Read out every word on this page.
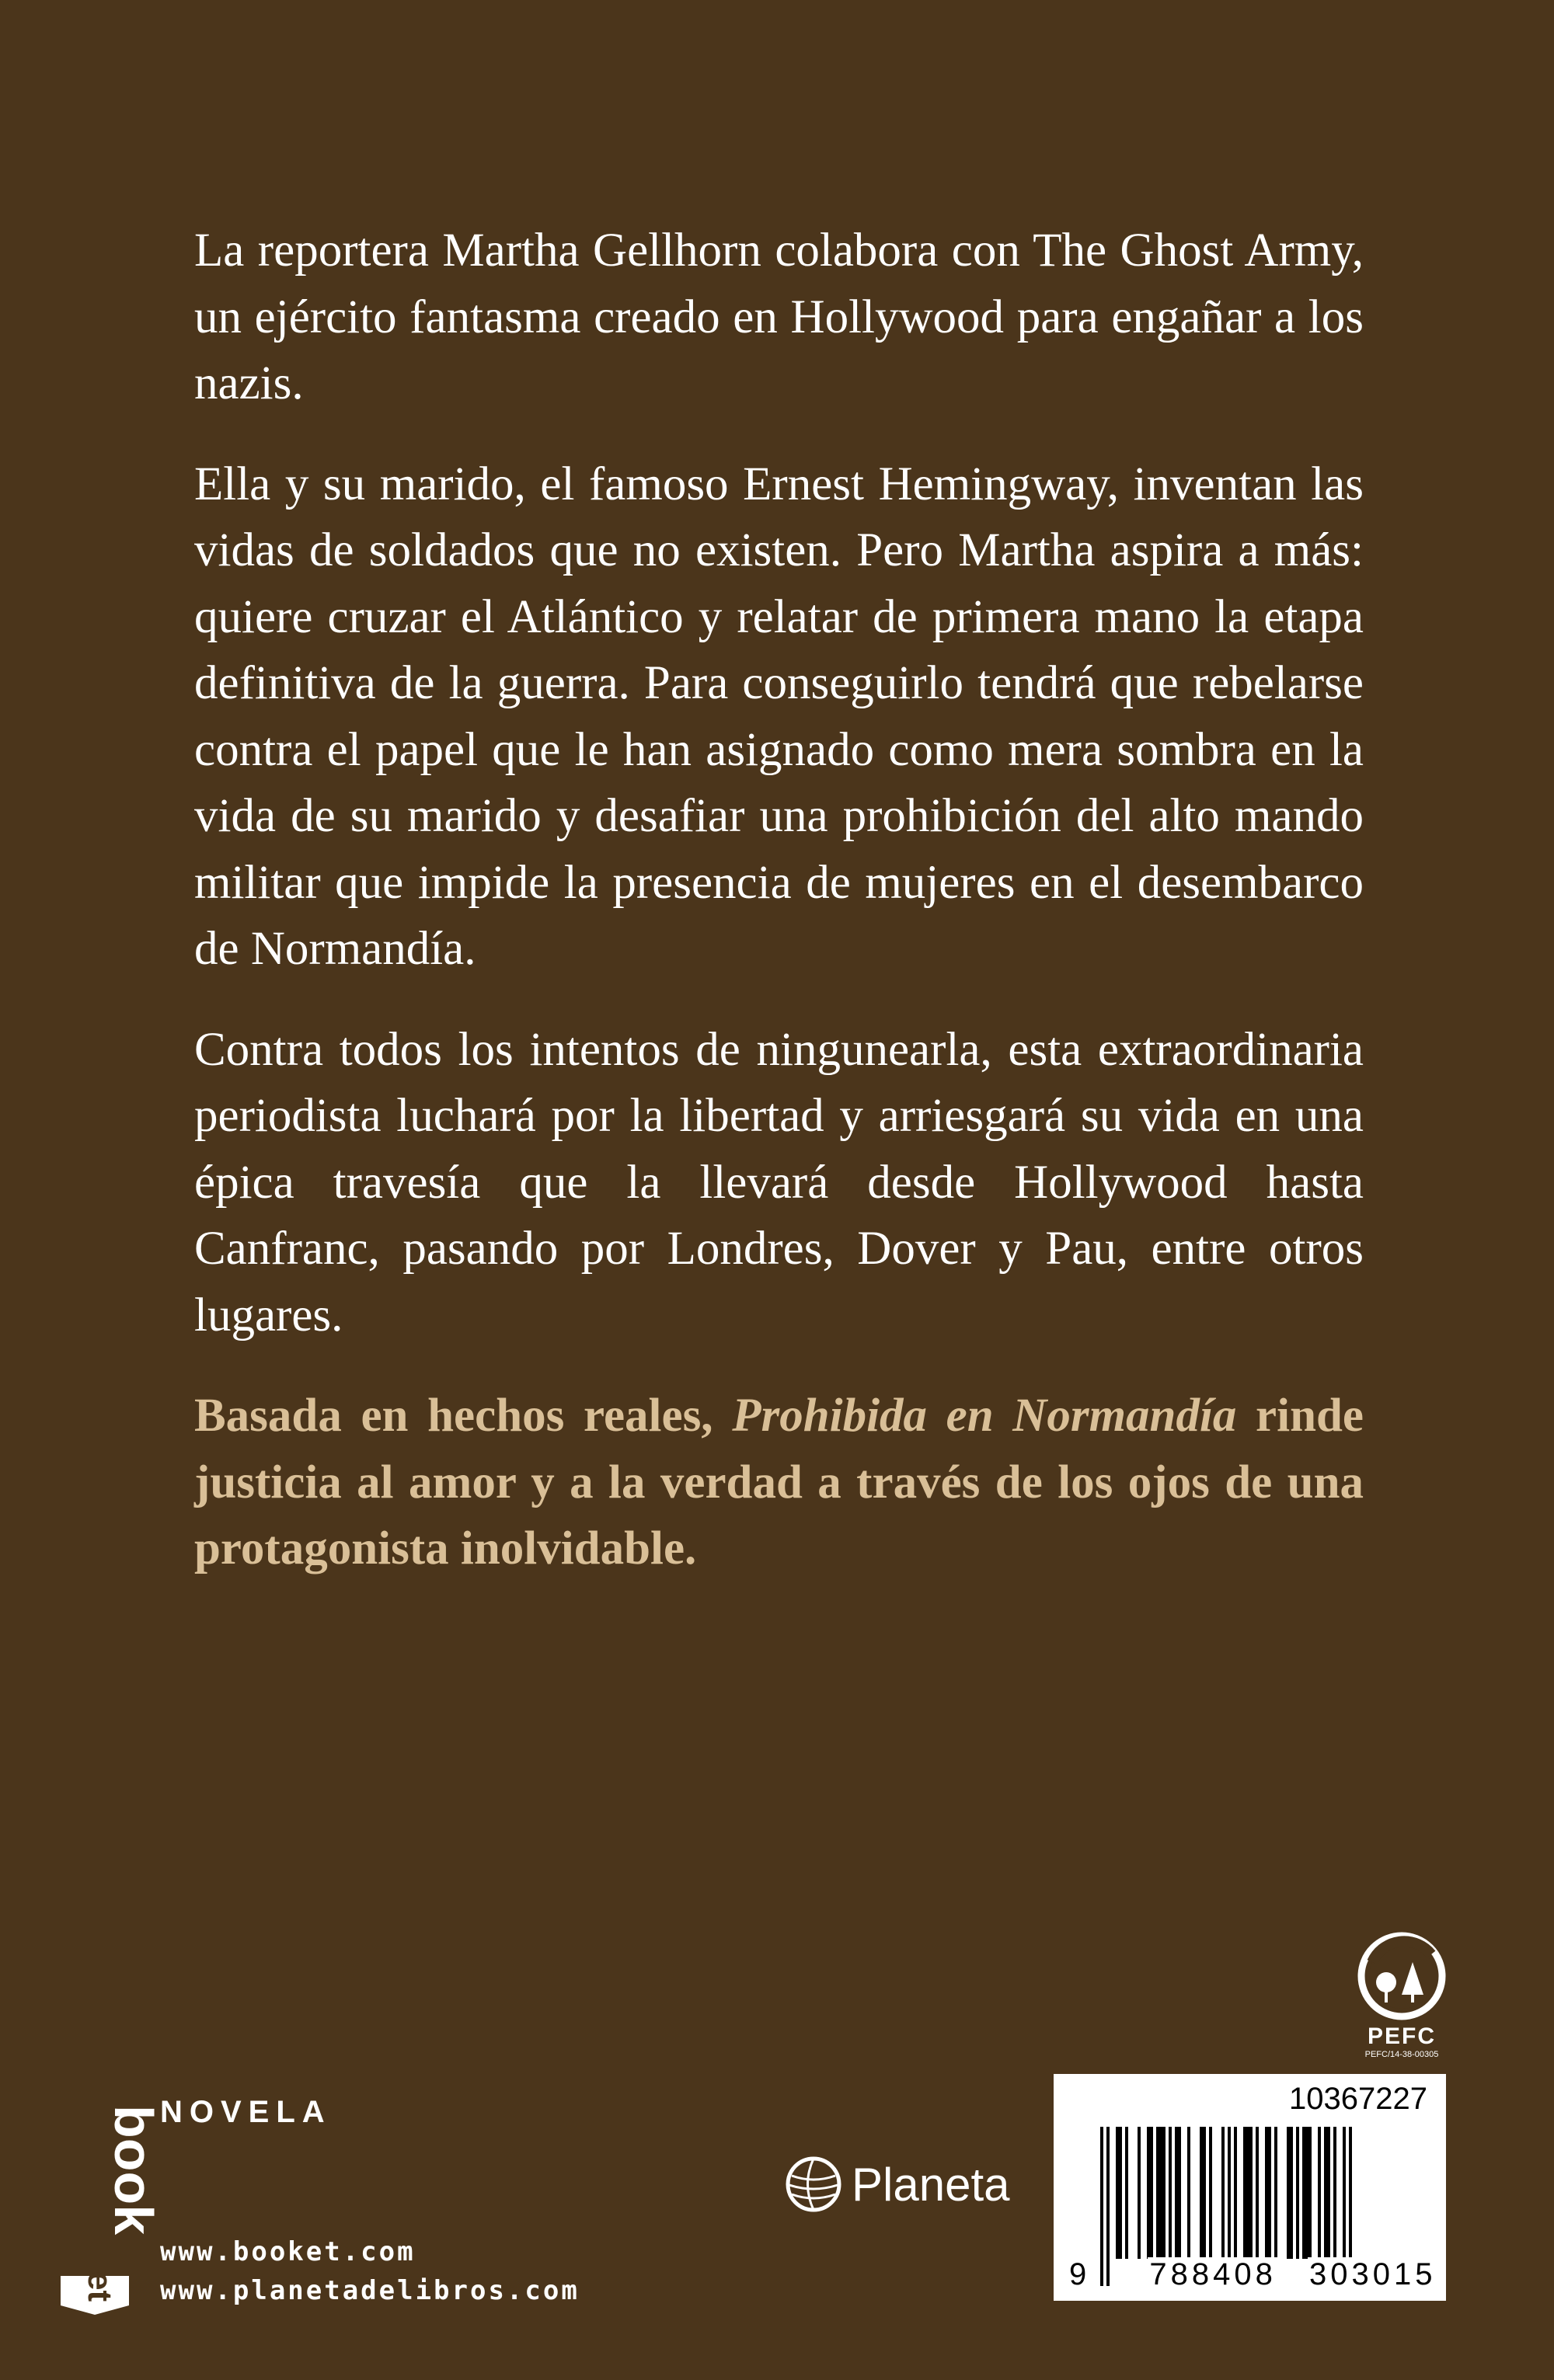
La reportera Martha Gellhorn colabora con The Ghost Army, un ejército fantasma creado en Hollywood para engañar a los nazis.

Ella y su marido, el famoso Ernest Hemingway, inventan las vidas de soldados que no existen. Pero Martha aspira a más: quiere cruzar el Atlántico y relatar de primera mano la etapa definitiva de la guerra. Para conseguirlo tendrá que rebelarse contra el papel que le han asignado como mera sombra en la vida de su marido y desafiar una prohibición del alto mando militar que impide la presencia de mujeres en el desembarco de Normandía.

Contra todos los intentos de ningunearla, esta extraordinaria periodista luchará por la libertad y arriesgará su vida en una épica travesía que la llevará desde Hollywood hasta Canfranc, pasando por Londres, Dover y Pau, entre otros lugares.

Basada en hechos reales, Prohibida en Normandía rinde justicia al amor y a la verdad a través de los ojos de una protagonista inolvidable.

PEFC
PEFC/14-38-00305
book
et
NOVELA
www.booket.com
www.planetadelibros.com
Planeta
10367227
9 788408 303015
